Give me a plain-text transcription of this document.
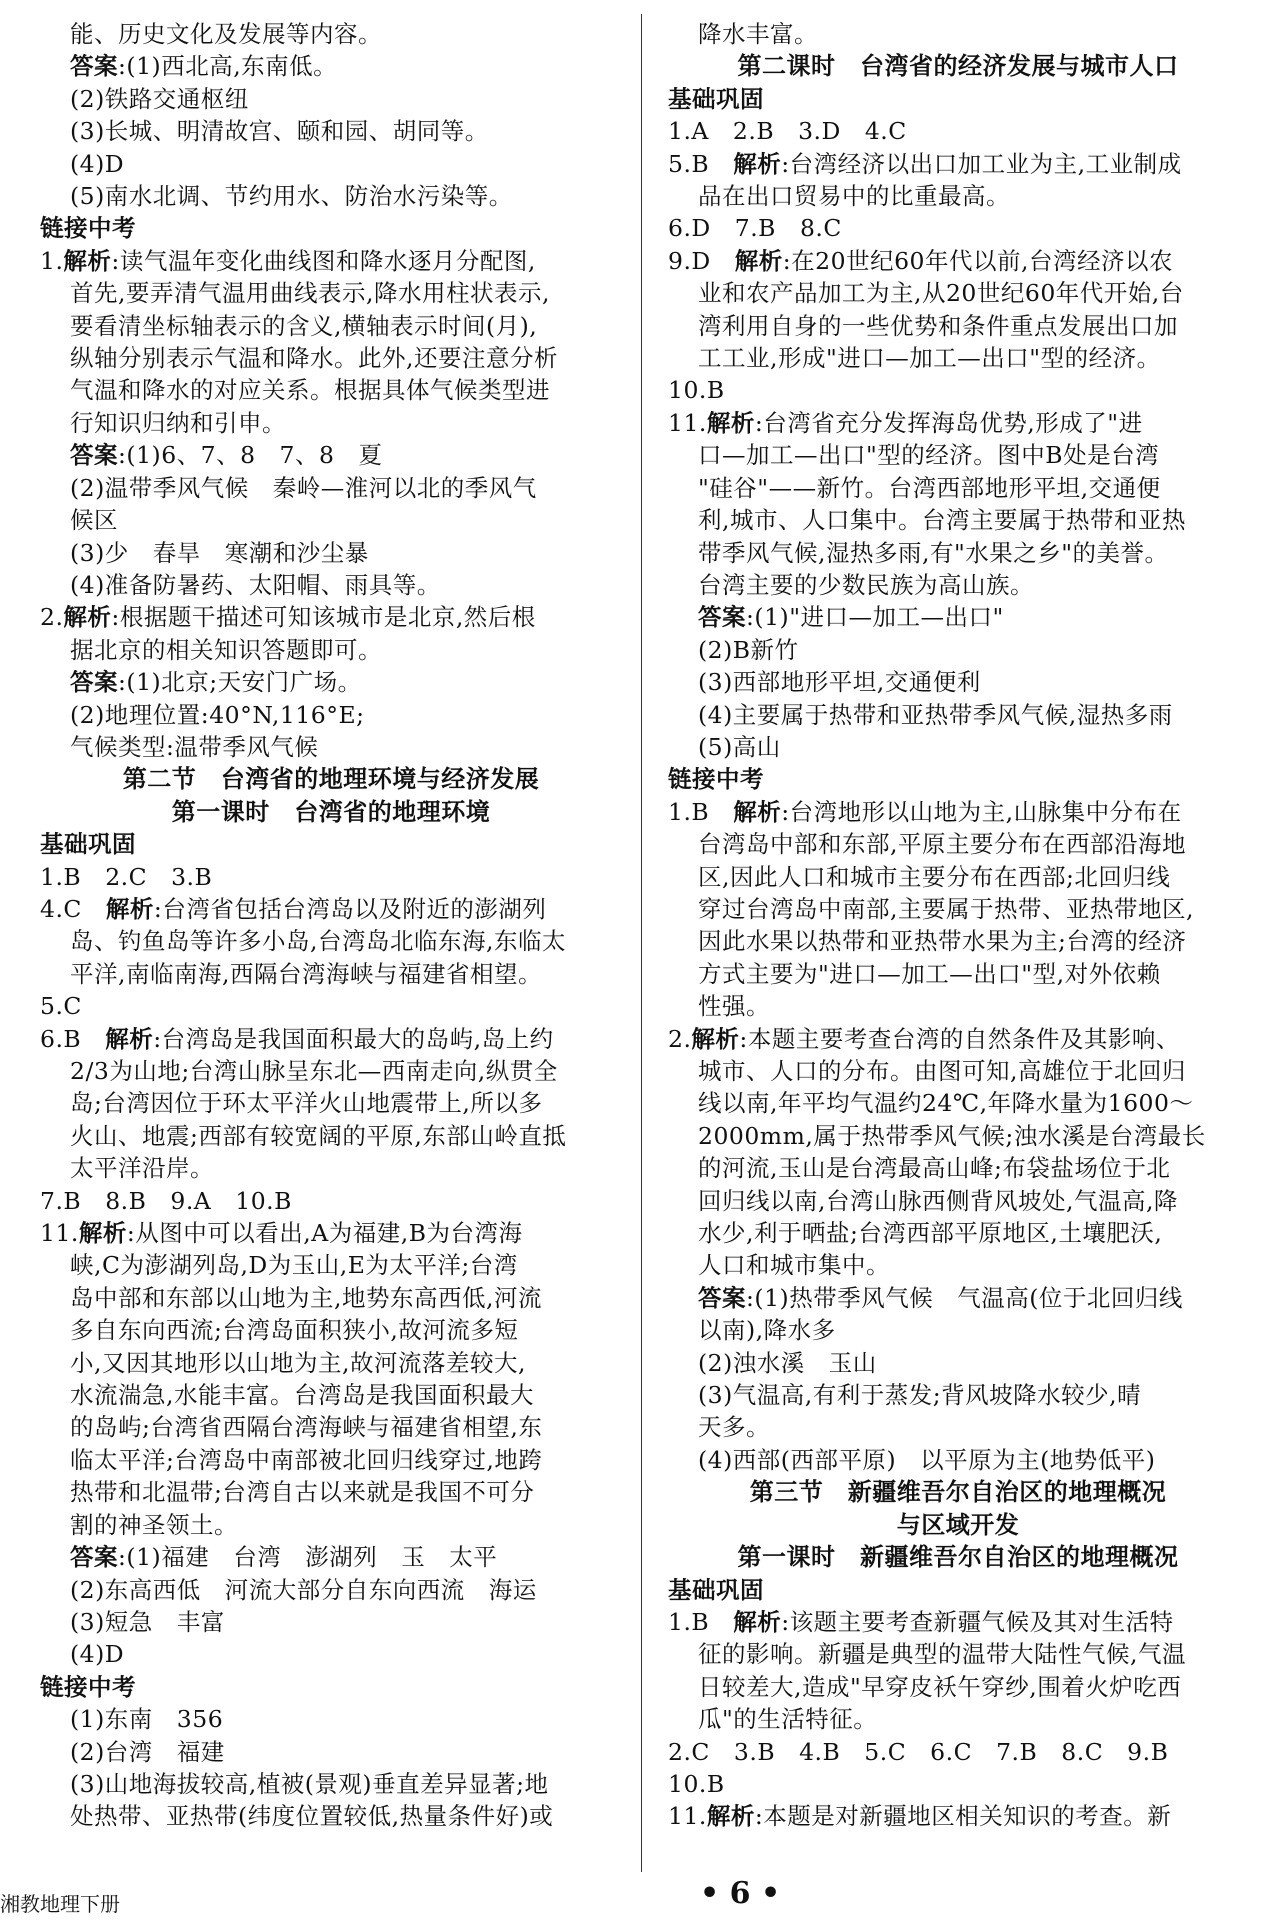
能、历史文化及发展等内容。
答案:(1)西北高,东南低。
(2)铁路交通枢纽
(3)长城、明清故宫、颐和园、胡同等。
(4)D
(5)南水北调、节约用水、防治水污染等。
链接中考
1.解析:读气温年变化曲线图和降水逐月分配图,
首先,要弄清气温用曲线表示,降水用柱状表示,
要看清坐标轴表示的含义,横轴表示时间(月),
纵轴分别表示气温和降水。此外,还要注意分析
气温和降水的对应关系。根据具体气候类型进
行知识归纳和引申。
答案:(1)6、7、8　7、8　夏
(2)温带季风气候　秦岭—淮河以北的季风气
候区
(3)少　春旱　寒潮和沙尘暴
(4)准备防暑药、太阳帽、雨具等。
2.解析:根据题干描述可知该城市是北京,然后根
据北京的相关知识答题即可。
答案:(1)北京;天安门广场。
(2)地理位置:40°N,116°E;
气候类型:温带季风气候
第二节　台湾省的地理环境与经济发展
第一课时　台湾省的地理环境
基础巩固
1.B　2.C　3.B
4.C　解析:台湾省包括台湾岛以及附近的澎湖列
岛、钓鱼岛等许多小岛,台湾岛北临东海,东临太
平洋,南临南海,西隔台湾海峡与福建省相望。
5.C
6.B　解析:台湾岛是我国面积最大的岛屿,岛上约
2/3为山地;台湾山脉呈东北—西南走向,纵贯全
岛;台湾因位于环太平洋火山地震带上,所以多
火山、地震;西部有较宽阔的平原,东部山岭直抵
太平洋沿岸。
7.B　8.B　9.A　10.B
11.解析:从图中可以看出,A为福建,B为台湾海
峡,C为澎湖列岛,D为玉山,E为太平洋;台湾
岛中部和东部以山地为主,地势东高西低,河流
多自东向西流;台湾岛面积狭小,故河流多短
小,又因其地形以山地为主,故河流落差较大,
水流湍急,水能丰富。台湾岛是我国面积最大
的岛屿;台湾省西隔台湾海峡与福建省相望,东
临太平洋;台湾岛中南部被北回归线穿过,地跨
热带和北温带;台湾自古以来就是我国不可分
割的神圣领土。
答案:(1)福建　台湾　澎湖列　玉　太平
(2)东高西低　河流大部分自东向西流　海运
(3)短急　丰富
(4)D
链接中考
(1)东南　356
(2)台湾　福建
(3)山地海拔较高,植被(景观)垂直差异显著;地
处热带、亚热带(纬度位置较低,热量条件好)或
降水丰富。
第二课时　台湾省的经济发展与城市人口
基础巩固
1.A　2.B　3.D　4.C
5.B　解析:台湾经济以出口加工业为主,工业制成
品在出口贸易中的比重最高。
6.D　7.B　8.C
9.D　解析:在20世纪60年代以前,台湾经济以农
业和农产品加工为主,从20世纪60年代开始,台
湾利用自身的一些优势和条件重点发展出口加
工工业,形成"进口—加工—出口"型的经济。
10.B
11.解析:台湾省充分发挥海岛优势,形成了"进
口—加工—出口"型的经济。图中B处是台湾
"硅谷"——新竹。台湾西部地形平坦,交通便
利,城市、人口集中。台湾主要属于热带和亚热
带季风气候,湿热多雨,有"水果之乡"的美誉。
台湾主要的少数民族为高山族。
答案:(1)"进口—加工—出口"
(2)B新竹
(3)西部地形平坦,交通便利
(4)主要属于热带和亚热带季风气候,湿热多雨
(5)高山
链接中考
1.B　解析:台湾地形以山地为主,山脉集中分布在
台湾岛中部和东部,平原主要分布在西部沿海地
区,因此人口和城市主要分布在西部;北回归线
穿过台湾岛中南部,主要属于热带、亚热带地区,
因此水果以热带和亚热带水果为主;台湾的经济
方式主要为"进口—加工—出口"型,对外依赖
性强。
2.解析:本题主要考查台湾的自然条件及其影响、
城市、人口的分布。由图可知,高雄位于北回归
线以南,年平均气温约24℃,年降水量为1600～
2000mm,属于热带季风气候;浊水溪是台湾最长
的河流,玉山是台湾最高山峰;布袋盐场位于北
回归线以南,台湾山脉西侧背风坡处,气温高,降
水少,利于晒盐;台湾西部平原地区,土壤肥沃,
人口和城市集中。
答案:(1)热带季风气候　气温高(位于北回归线
以南),降水多
(2)浊水溪　玉山
(3)气温高,有利于蒸发;背风坡降水较少,晴
天多。
(4)西部(西部平原)　以平原为主(地势低平)
第三节　新疆维吾尔自治区的地理概况
与区域开发
第一课时　新疆维吾尔自治区的地理概况
基础巩固
1.B　解析:该题主要考查新疆气候及其对生活特
征的影响。新疆是典型的温带大陆性气候,气温
日较差大,造成"早穿皮袄午穿纱,围着火炉吃西
瓜"的生活特征。
2.C　3.B　4.B　5.C　6.C　7.B　8.C　9.B
10.B
11.解析:本题是对新疆地区相关知识的考查。新
湘教地理下册	• 6 •
